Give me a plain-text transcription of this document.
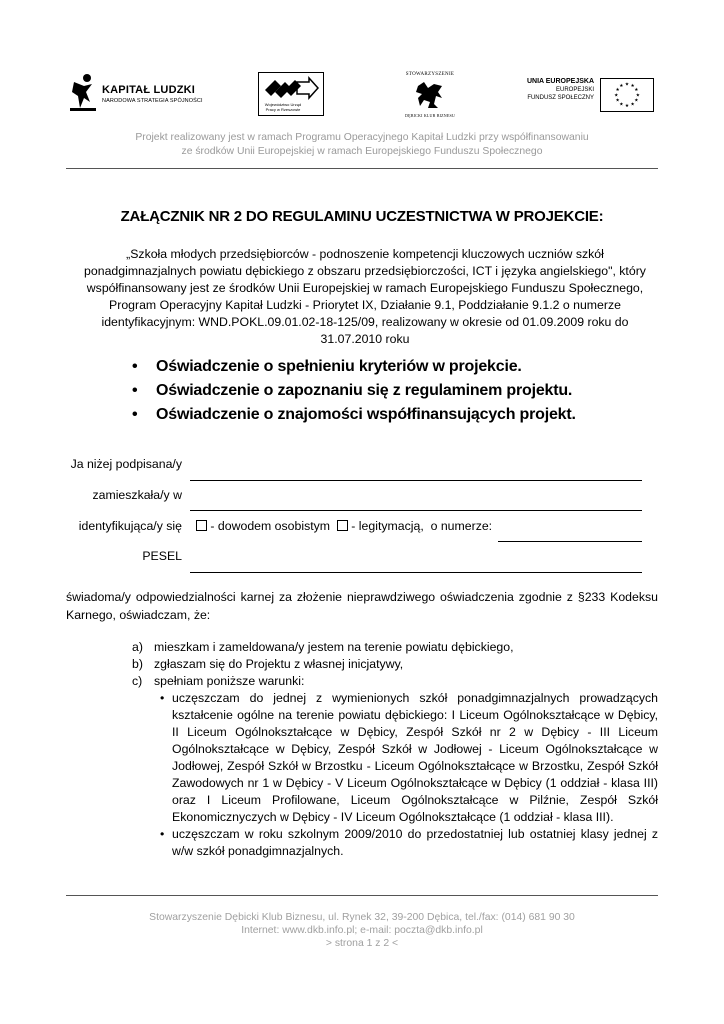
KAPITAŁ LUDZKI
NARODOWA STRATEGIA SPÓJNOŚCI
Województwo Urząd Pracy w Rzeszowie
STOWARZYSZENIE
DĘBICKI KLUB BIZNESU
UNIA EUROPEJSKA
EUROPEJSKI
FUNDUSZ SPOŁECZNY
★ ★
★
★
★
★
★
★
★
★
★
★
Projekt realizowany jest w ramach Programu Operacyjnego Kapitał Ludzki przy współfinansowaniu
ze środków Unii Europejskiej w ramach Europejskiego Funduszu Społecznego
ZAŁĄCZNIK NR 2 DO REGULAMINU UCZESTNICTWA W PROJEKCIE:

„Szkoła młodych przedsiębiorców - podnoszenie kompetencji kluczowych uczniów szkół ponadgimnazjalnych powiatu dębickiego z obszaru przedsiębiorczości, ICT i języka angielskiego", który współfinansowany jest ze środków Unii Europejskiej w ramach Europejskiego Funduszu Społecznego, Program Operacyjny Kapitał Ludzki - Priorytet IX, Działanie 9.1, Poddziałanie 9.1.2 o numerze identyfikacyjnym: WND.POKL.09.01.02-18-125/09, realizowany w okresie od 01.09.2009 roku do 31.07.2010 roku

• Oświadczenie o spełnieniu kryteriów w projekcie.
• Oświadczenie o zapoznaniu się z regulaminem projektu.
• Oświadczenie o znajomości współfinansujących projekt.
Ja niżej podpisana/y
zamieszkała/y w
identyfikująca/y się	- dowodem osobistym - legitymacją, o numerze:
PESEL

świadoma/y odpowiedzialności karnej za złożenie nieprawdziwego oświadczenia zgodnie z §233 Kodeksu Karnego, oświadczam, że:

a) mieszkam i zameldowana/y jestem na terenie powiatu dębickiego,
b) zgłaszam się do Projektu z własnej inicjatywy,
c) spełniam poniższe warunki:
• uczęszczam do jednej z wymienionych szkół ponadgimnazjalnych prowadzących kształcenie ogólne na terenie powiatu dębickiego: I Liceum Ogólnokształcące w Dębicy, II Liceum Ogólnokształcące w Dębicy, Zespół Szkół nr 2 w Dębicy - III Liceum Ogólnokształcące w Dębicy, Zespół Szkół w Jodłowej - Liceum Ogólnokształcące w Jodłowej, Zespół Szkół w Brzostku - Liceum Ogólnokształcące w Brzostku, Zespół Szkół Zawodowych nr 1 w Dębicy - V Liceum Ogólnokształcące w Dębicy (1 oddział - klasa III) oraz I Liceum Profilowane, Liceum Ogólnokształcące w Pilźnie, Zespół Szkół Ekonomicznyczych w Dębicy - IV Liceum Ogólnokształcące (1 oddział - klasa III).
• uczęszczam w roku szkolnym 2009/2010 do przedostatniej lub ostatniej klasy jednej z w/w szkół ponadgimnazjalnych.
Stowarzyszenie Dębicki Klub Biznesu, ul. Rynek 32, 39-200 Dębica, tel./fax: (014) 681 90 30
Internet: www.dkb.info.pl; e-mail: poczta@dkb.info.pl
> strona 1 z 2 <
